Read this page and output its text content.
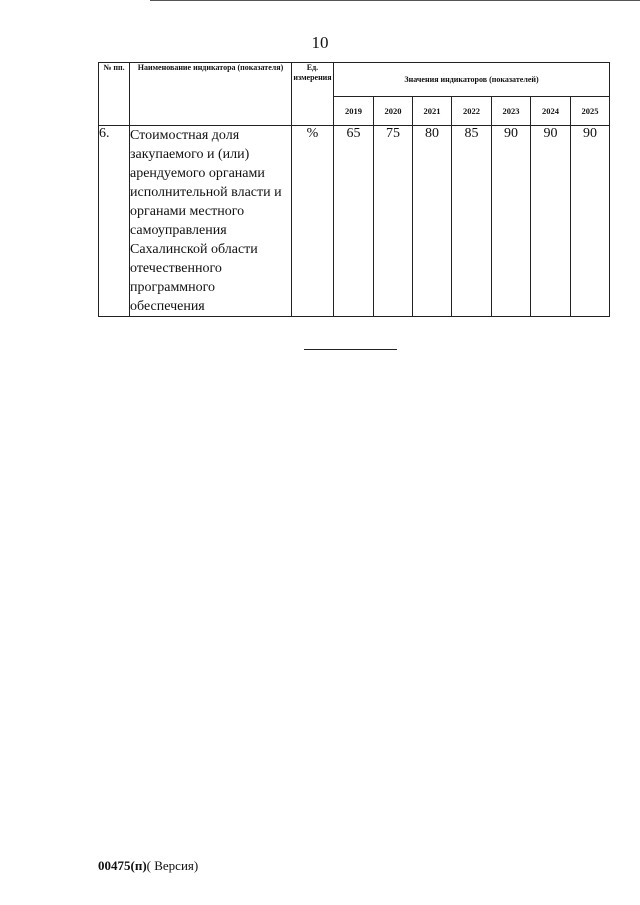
10
№ пп.	Наименование индикатора (показателя)	Ед. измерения	Значения индикаторов (показателей)						
			2019	2020	2021	2022	2023	2024	2025
6.	Стоимостная доля закупаемого и (или) арендуемого органами исполнительной власти и органами местного самоуправления Сахалинской области отечественного программного обеспечения	%	65	75	80	85	90	90	90
00475(п)( Версия)
